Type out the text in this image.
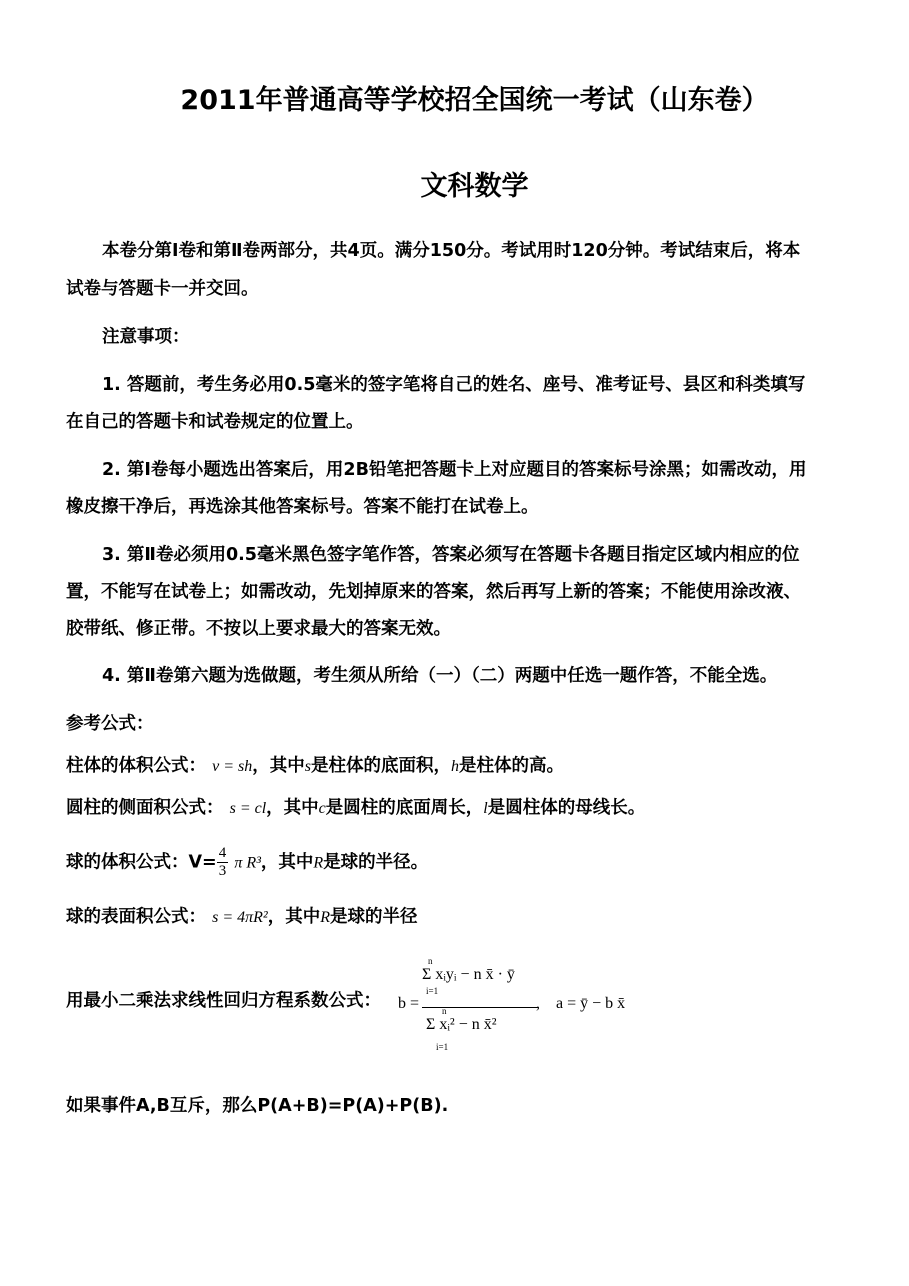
2011年普通高等学校招全国统一考试（山东卷）
文科数学
本卷分第Ⅰ卷和第Ⅱ卷两部分，共4页。满分150分。考试用时120分钟。考试结束后，将本
试卷与答题卡一并交回。
注意事项：
1. 答题前，考生务必用0.5毫米的签字笔将自己的姓名、座号、准考证号、县区和科类填写
在自己的答题卡和试卷规定的位置上。
2. 第Ⅰ卷每小题选出答案后，用2B铅笔把答题卡上对应题目的答案标号涂黑；如需改动，用
橡皮擦干净后，再选涂其他答案标号。答案不能打在试卷上。
3. 第Ⅱ卷必须用0.5毫米黑色签字笔作答，答案必须写在答题卡各题目指定区域内相应的位
置，不能写在试卷上；如需改动，先划掉原来的答案，然后再写上新的答案；不能使用涂改液、
胶带纸、修正带。不按以上要求最大的答案无效。
4. 第Ⅱ卷第六题为选做题，考生须从所给（一）（二）两题中任选一题作答，不能全选。
参考公式：
柱体的体积公式： v = sh，其中s是柱体的底面积，h是柱体的高。
圆柱的侧面积公式： s = cl，其中c是圆柱的底面周长，l是圆柱体的母线长。
球的体积公式：$V= \frac{4}{3}$ π R³，其中R是球的半径。
球的表面积公式： s = 4πR²，其中R是球的半径
用最小二乘法求线性回归方程系数公式：	b =
n
Σ xᵢyᵢ − n x̄ · ȳ
i=1
n
Σ xᵢ² − n x̄²
i=1
, a = ȳ − b x̄
如果事件A,B互斥，那么P(A+B)=P(A)+P(B).
